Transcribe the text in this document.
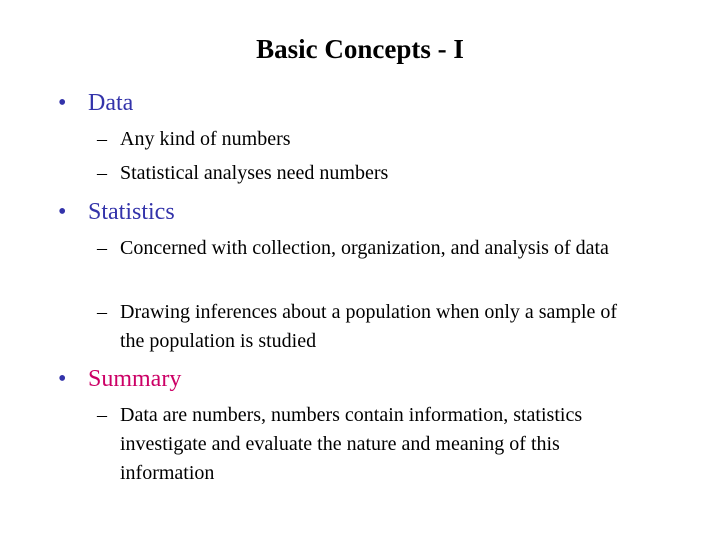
Basic Concepts - I
• Data
– Any kind of numbers
– Statistical analyses need numbers
• Statistics
– Concerned with collection, organization, and analysis of data
– Drawing inferences about a population when only a sample of the population is studied
• Summary
– Data are numbers, numbers contain information, statistics investigate and evaluate the nature and meaning of this information
